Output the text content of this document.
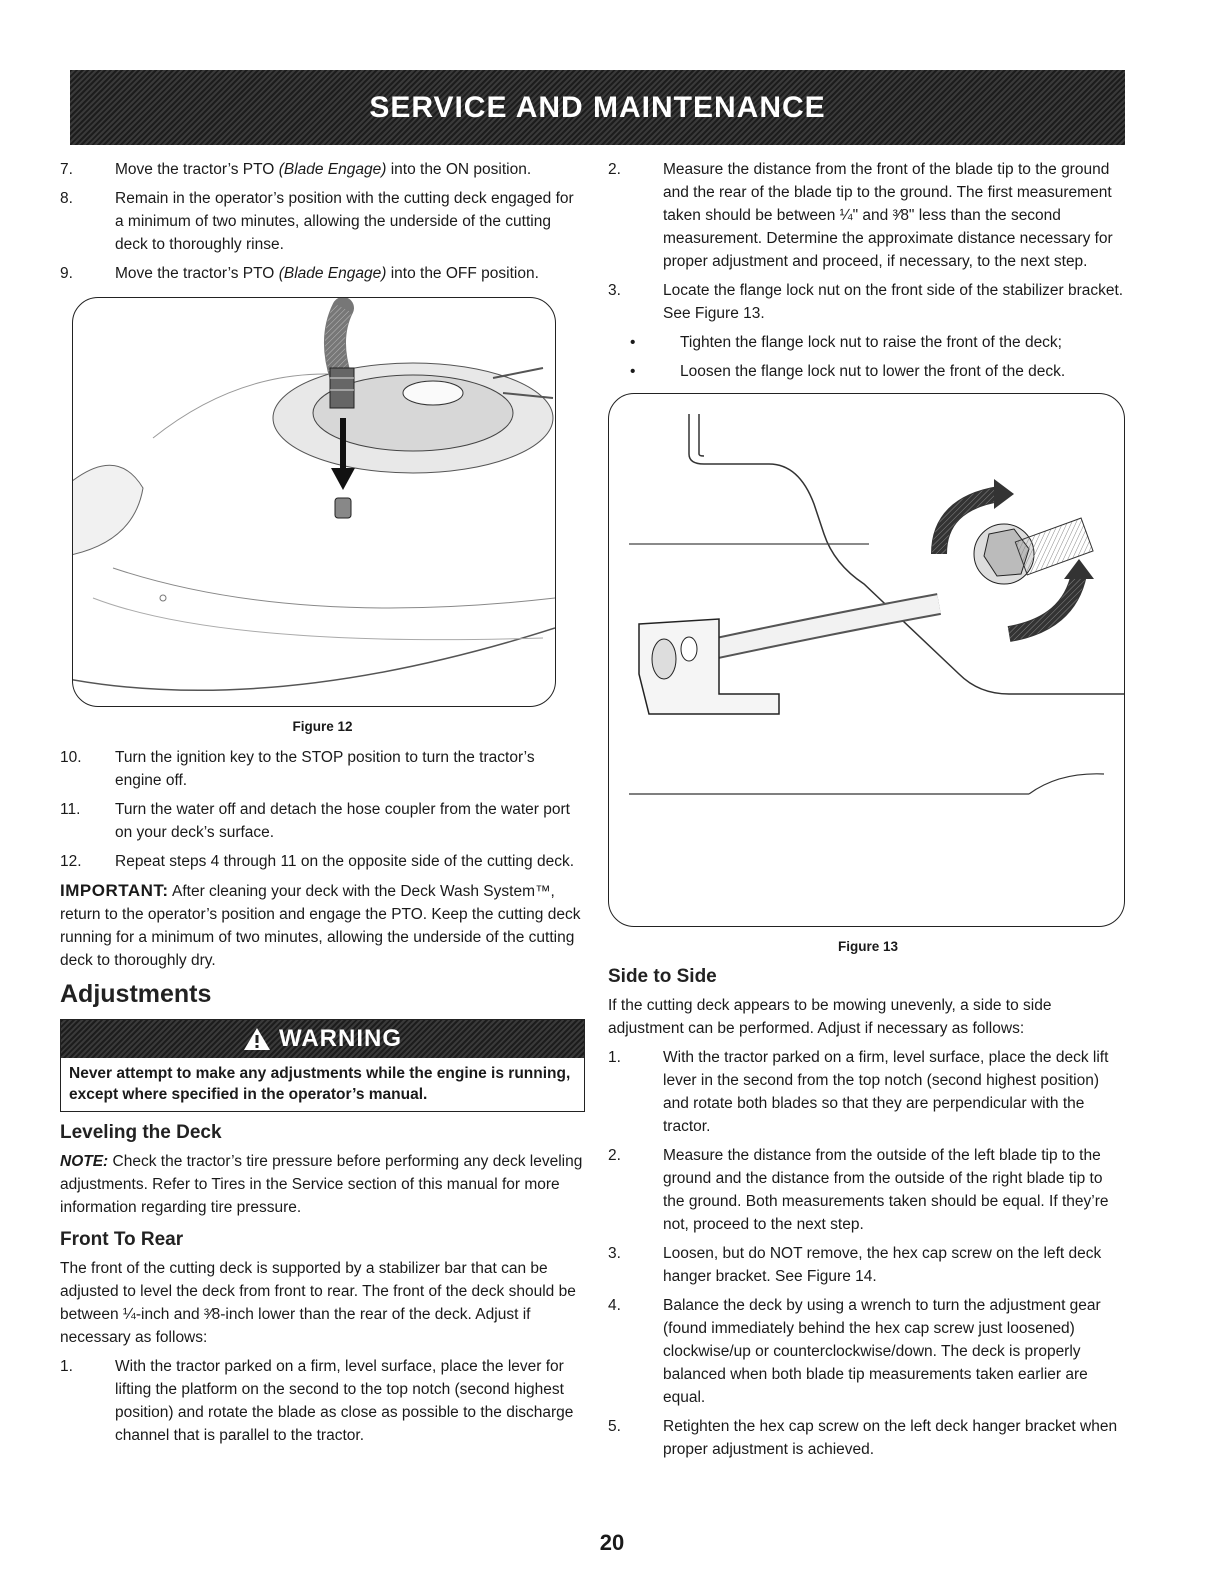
SERVICE AND MAINTENANCE
7.	Move the tractor’s PTO (Blade Engage) into the ON position.
8.	Remain in the operator’s position with the cutting deck engaged for a minimum of two minutes, allowing the underside of the cutting deck to thoroughly rinse.
9.	Move the tractor’s PTO (Blade Engage) into the OFF position.
Figure 12
10.	Turn the ignition key to the STOP position to turn the tractor’s engine off.
11.	Turn the water off and detach the hose coupler from the water port on your deck’s surface.
12.	Repeat steps 4 through 11 on the opposite side of the cutting deck.
IMPORTANT: After cleaning your deck with the Deck Wash System™, return to the operator’s position and engage the PTO. Keep the cutting deck running for a minimum of two minutes, allowing the underside of the cutting deck to thoroughly dry.
Adjustments
WARNING
Never attempt to make any adjustments while the engine is running, except where specified in the operator’s manual.
Leveling the Deck
NOTE: Check the tractor’s tire pressure before performing any deck leveling adjustments. Refer to Tires in the Service section of this manual for more information regarding tire pressure.
Front To Rear
The front of the cutting deck is supported by a stabilizer bar that can be adjusted to level the deck from front to rear. The front of the deck should be between ¼-inch and ³⁄8-inch lower than the rear of the deck. Adjust if necessary as follows:
1.	With the tractor parked on a firm, level surface, place the lever for lifting the platform on the second to the top notch (second highest position) and rotate the blade as close as possible to the discharge channel that is parallel to the tractor.
2.	Measure the distance from the front of the blade tip to the ground and the rear of the blade tip to the ground. The first measurement taken should be between ¼" and ³⁄8" less than the second measurement. Determine the approximate distance necessary for proper adjustment and proceed, if necessary, to the next step.
3.	Locate the flange lock nut on the front side of the stabilizer bracket. See Figure 13.
•	Tighten the flange lock nut to raise the front of the deck;
•	Loosen the flange lock nut to lower the front of the deck.
Figure 13
Side to Side
If the cutting deck appears to be mowing unevenly, a side to side adjustment can be performed. Adjust if necessary as follows:
1.	With the tractor parked on a firm, level surface, place the deck lift lever in the second from the top notch (second highest position) and rotate both blades so that they are perpendicular with the tractor.
2.	Measure the distance from the outside of the left blade tip to the ground and the distance from the outside of the right blade tip to the ground. Both measurements taken should be equal. If they’re not, proceed to the next step.
3.	Loosen, but do NOT remove, the hex cap screw on the left deck hanger bracket. See Figure 14.
4.	Balance the deck by using a wrench to turn the adjustment gear (found immediately behind the hex cap screw just loosened) clockwise/up or counterclockwise/down. The deck is properly balanced when both blade tip measurements taken earlier are equal.
5.	Retighten the hex cap screw on the left deck hanger bracket when proper adjustment is achieved.
20
